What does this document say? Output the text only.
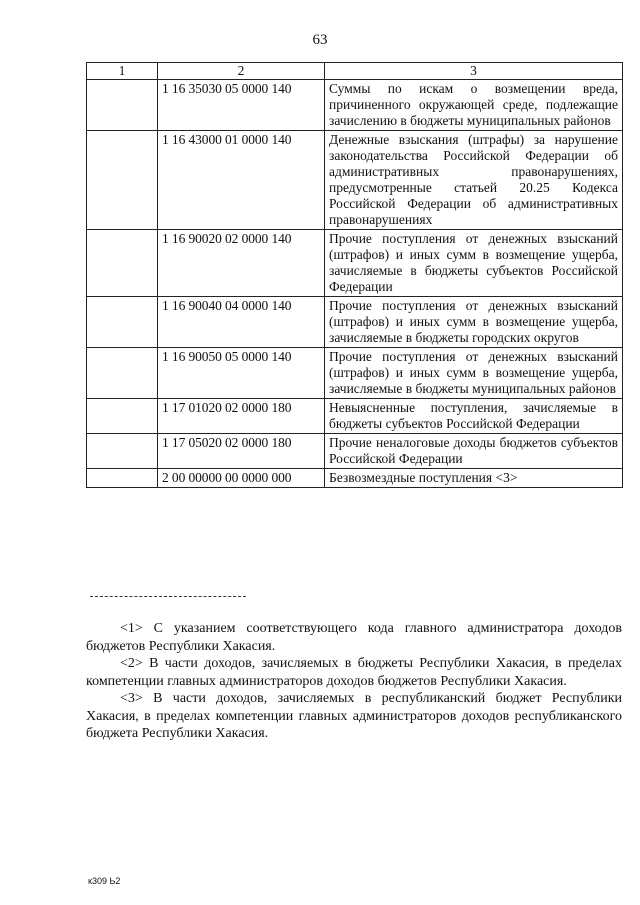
63
1	2	3
	1 16 35030 05 0000 140	Суммы по искам о возмещении вреда, причиненного окружающей среде, подлежащие зачислению в бюджеты муниципальных районов
	1 16 43000 01 0000 140	Денежные взыскания (штрафы) за нарушение законодательства Российской Федерации об административных правонарушениях, предусмотренные статьей 20.25 Кодекса Российской Федерации об административных правонарушениях
	1 16 90020 02 0000 140	Прочие поступления от денежных взысканий (штрафов) и иных сумм в возмещение ущерба, зачисляемые в бюджеты субъектов Российской Федерации
	1 16 90040 04 0000 140	Прочие поступления от денежных взысканий (штрафов) и иных сумм в возмещение ущерба, зачисляемые в бюджеты городских округов
	1 16 90050 05 0000 140	Прочие поступления от денежных взысканий (штрафов) и иных сумм в возмещение ущерба, зачисляемые в бюджеты муниципальных районов
	1 17 01020 02 0000 180	Невыясненные поступления, зачисляемые в бюджеты субъектов Российской Федерации
	1 17 05020 02 0000 180	Прочие неналоговые доходы бюджетов субъектов Российской Федерации
	2 00 00000 00 0000 000	Безвозмездные поступления <3>

<1> С указанием соответствующего кода главного администратора доходов бюджетов Республики Хакасия.

<2> В части доходов, зачисляемых в бюджеты Республики Хакасия, в пределах компетенции главных администраторов доходов бюджетов Республики Хакасия.

<3> В части доходов, зачисляемых в республиканский бюджет Республики Хакасия, в пределах компетенции главных администраторов доходов республиканского бюджета Республики Хакасия.

к309 Ь2
